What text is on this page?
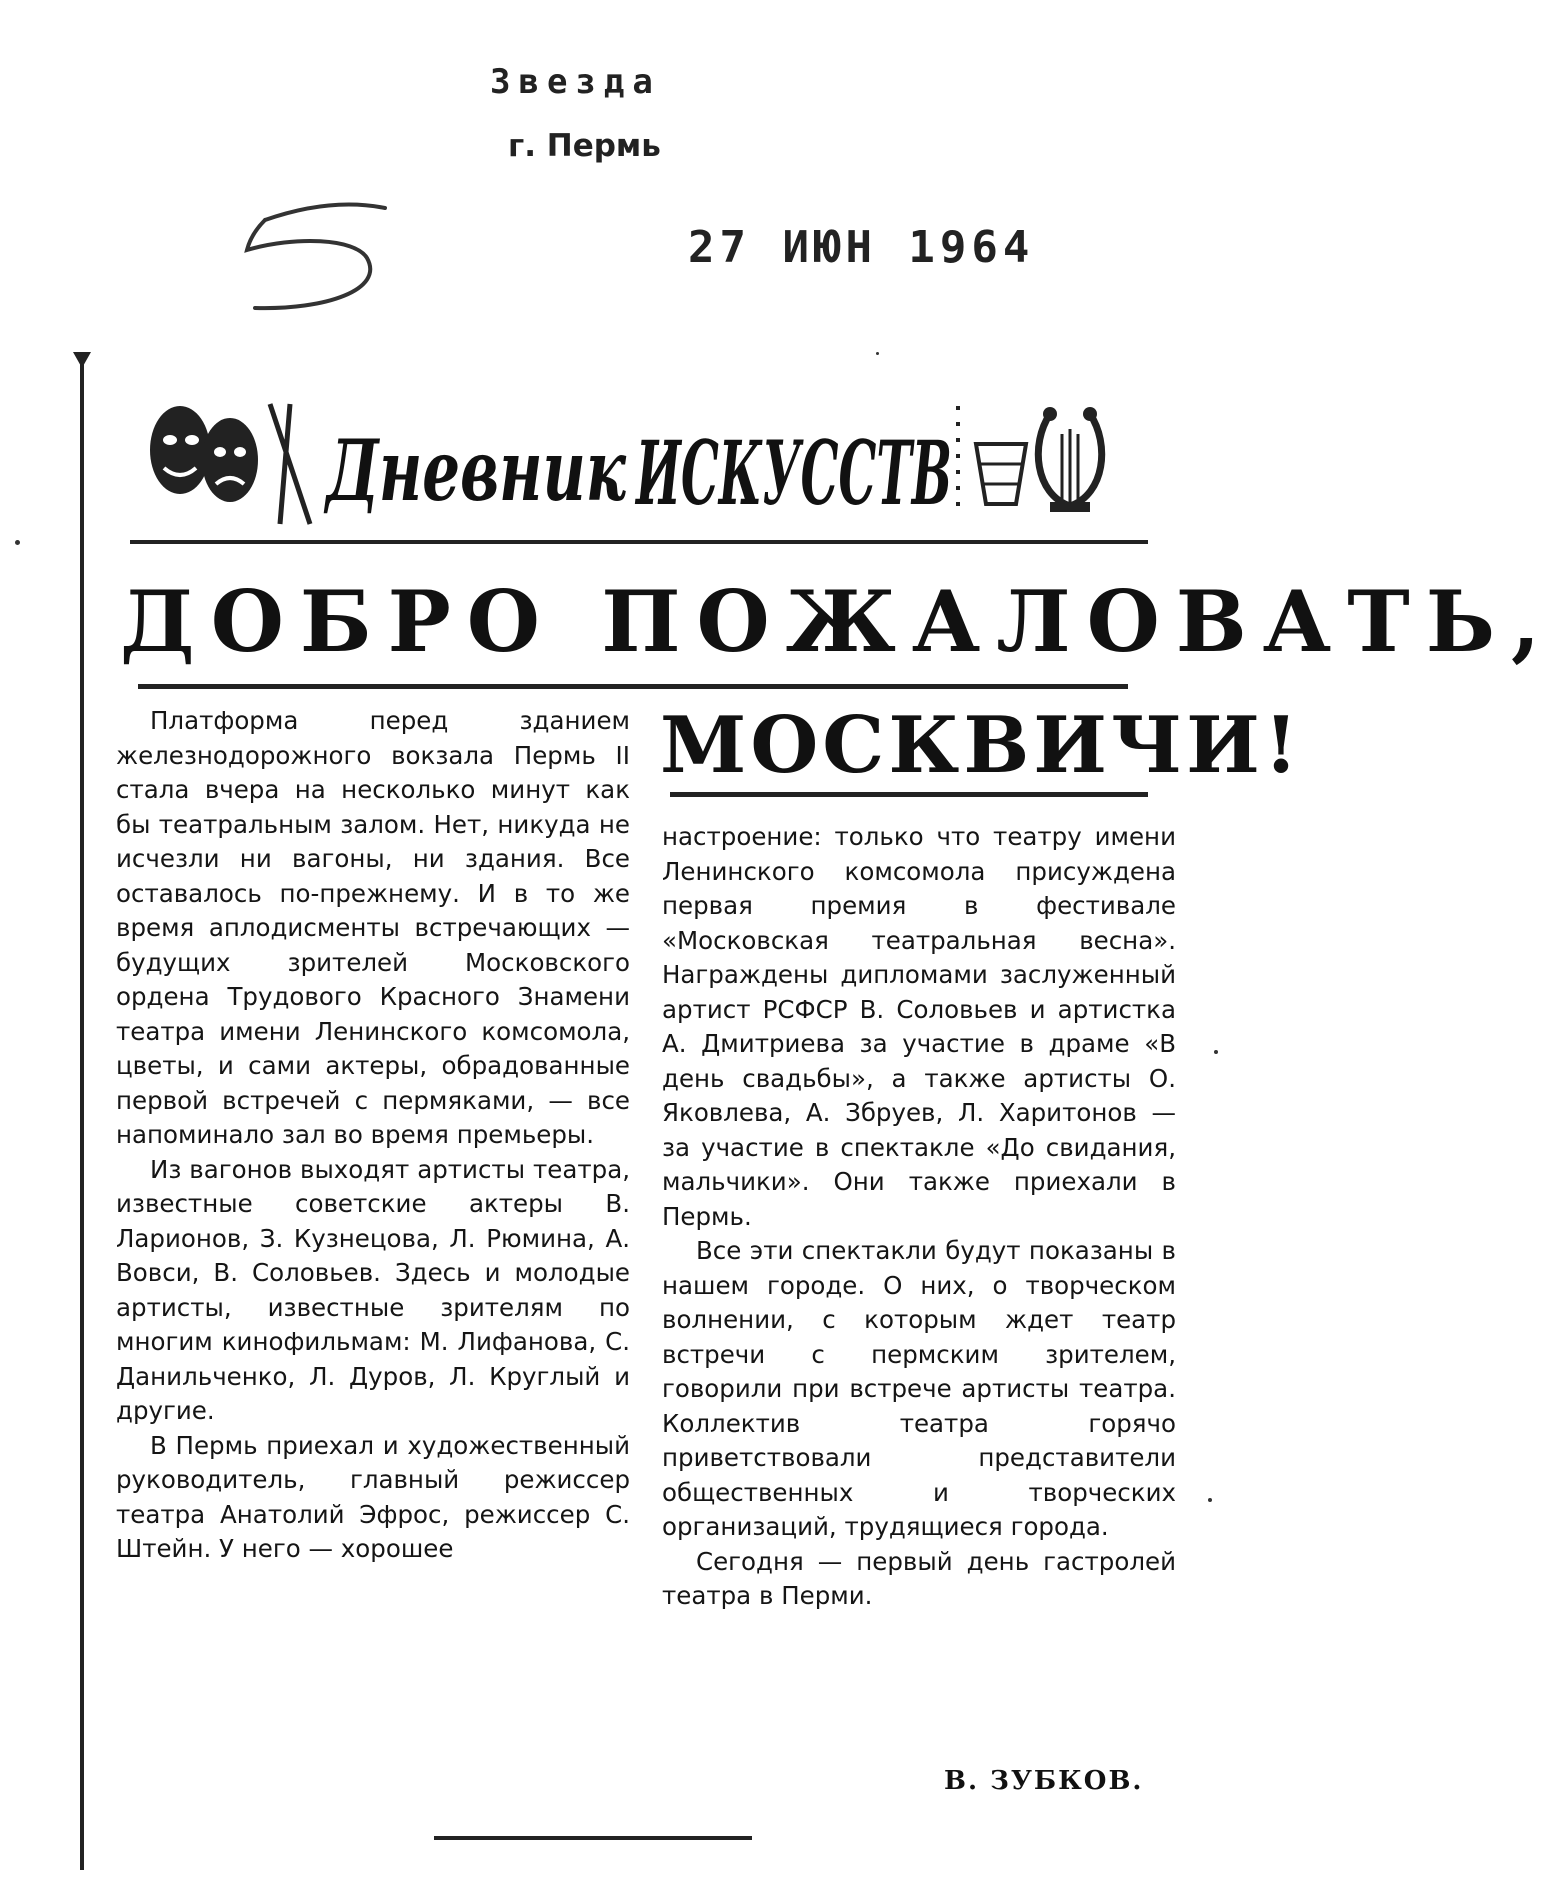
Звезда
г. Пермь
27 ИЮН 1964
Дневник ИСКУССТВ
ДОБРО ПОЖАЛОВАТЬ,
МОСКВИЧИ!

Платформа перед зданием железнодорожного вокзала Пермь II стала вчера на несколько минут как бы театральным залом. Нет, никуда не исчезли ни вагоны, ни здания. Все оставалось по-прежнему. И в то же время аплодисменты встречающих — будущих зрителей Московского ордена Трудового Красного Знамени театра имени Ленинского комсомола, цветы, и сами актеры, обрадованные первой встречей с пермяками, — все напоминало зал во время премьеры.

Из вагонов выходят артисты театра, известные советские актеры В. Ларионов, З. Кузнецова, Л. Рюмина, А. Вовси, В. Соловьев. Здесь и молодые артисты, известные зрителям по многим кинофильмам: М. Лифанова, С. Данильченко, Л. Дуров, Л. Круглый и другие.

В Пермь приехал и художественный руководитель, главный режиссер театра Анатолий Эфрос, режиссер С. Штейн. У него — хорошее

настроение: только что театру имени Ленинского комсомола присуждена первая премия в фестивале «Московская театральная весна». Награждены дипломами заслуженный артист РСФСР В. Соловьев и артистка А. Дмитриева за участие в драме «В день свадьбы», а также артисты О. Яковлева, А. Збруев, Л. Харитонов — за участие в спектакле «До свидания, мальчики». Они также приехали в Пермь.

Все эти спектакли будут показаны в нашем городе. О них, о творческом волнении, с которым ждет театр встречи с пермским зрителем, говорили при встрече артисты театра. Коллектив театра горячо приветствовали представители общественных и творческих организаций, трудящиеся города.

Сегодня — первый день гастролей театра в Перми.

В. ЗУБКОВ.
